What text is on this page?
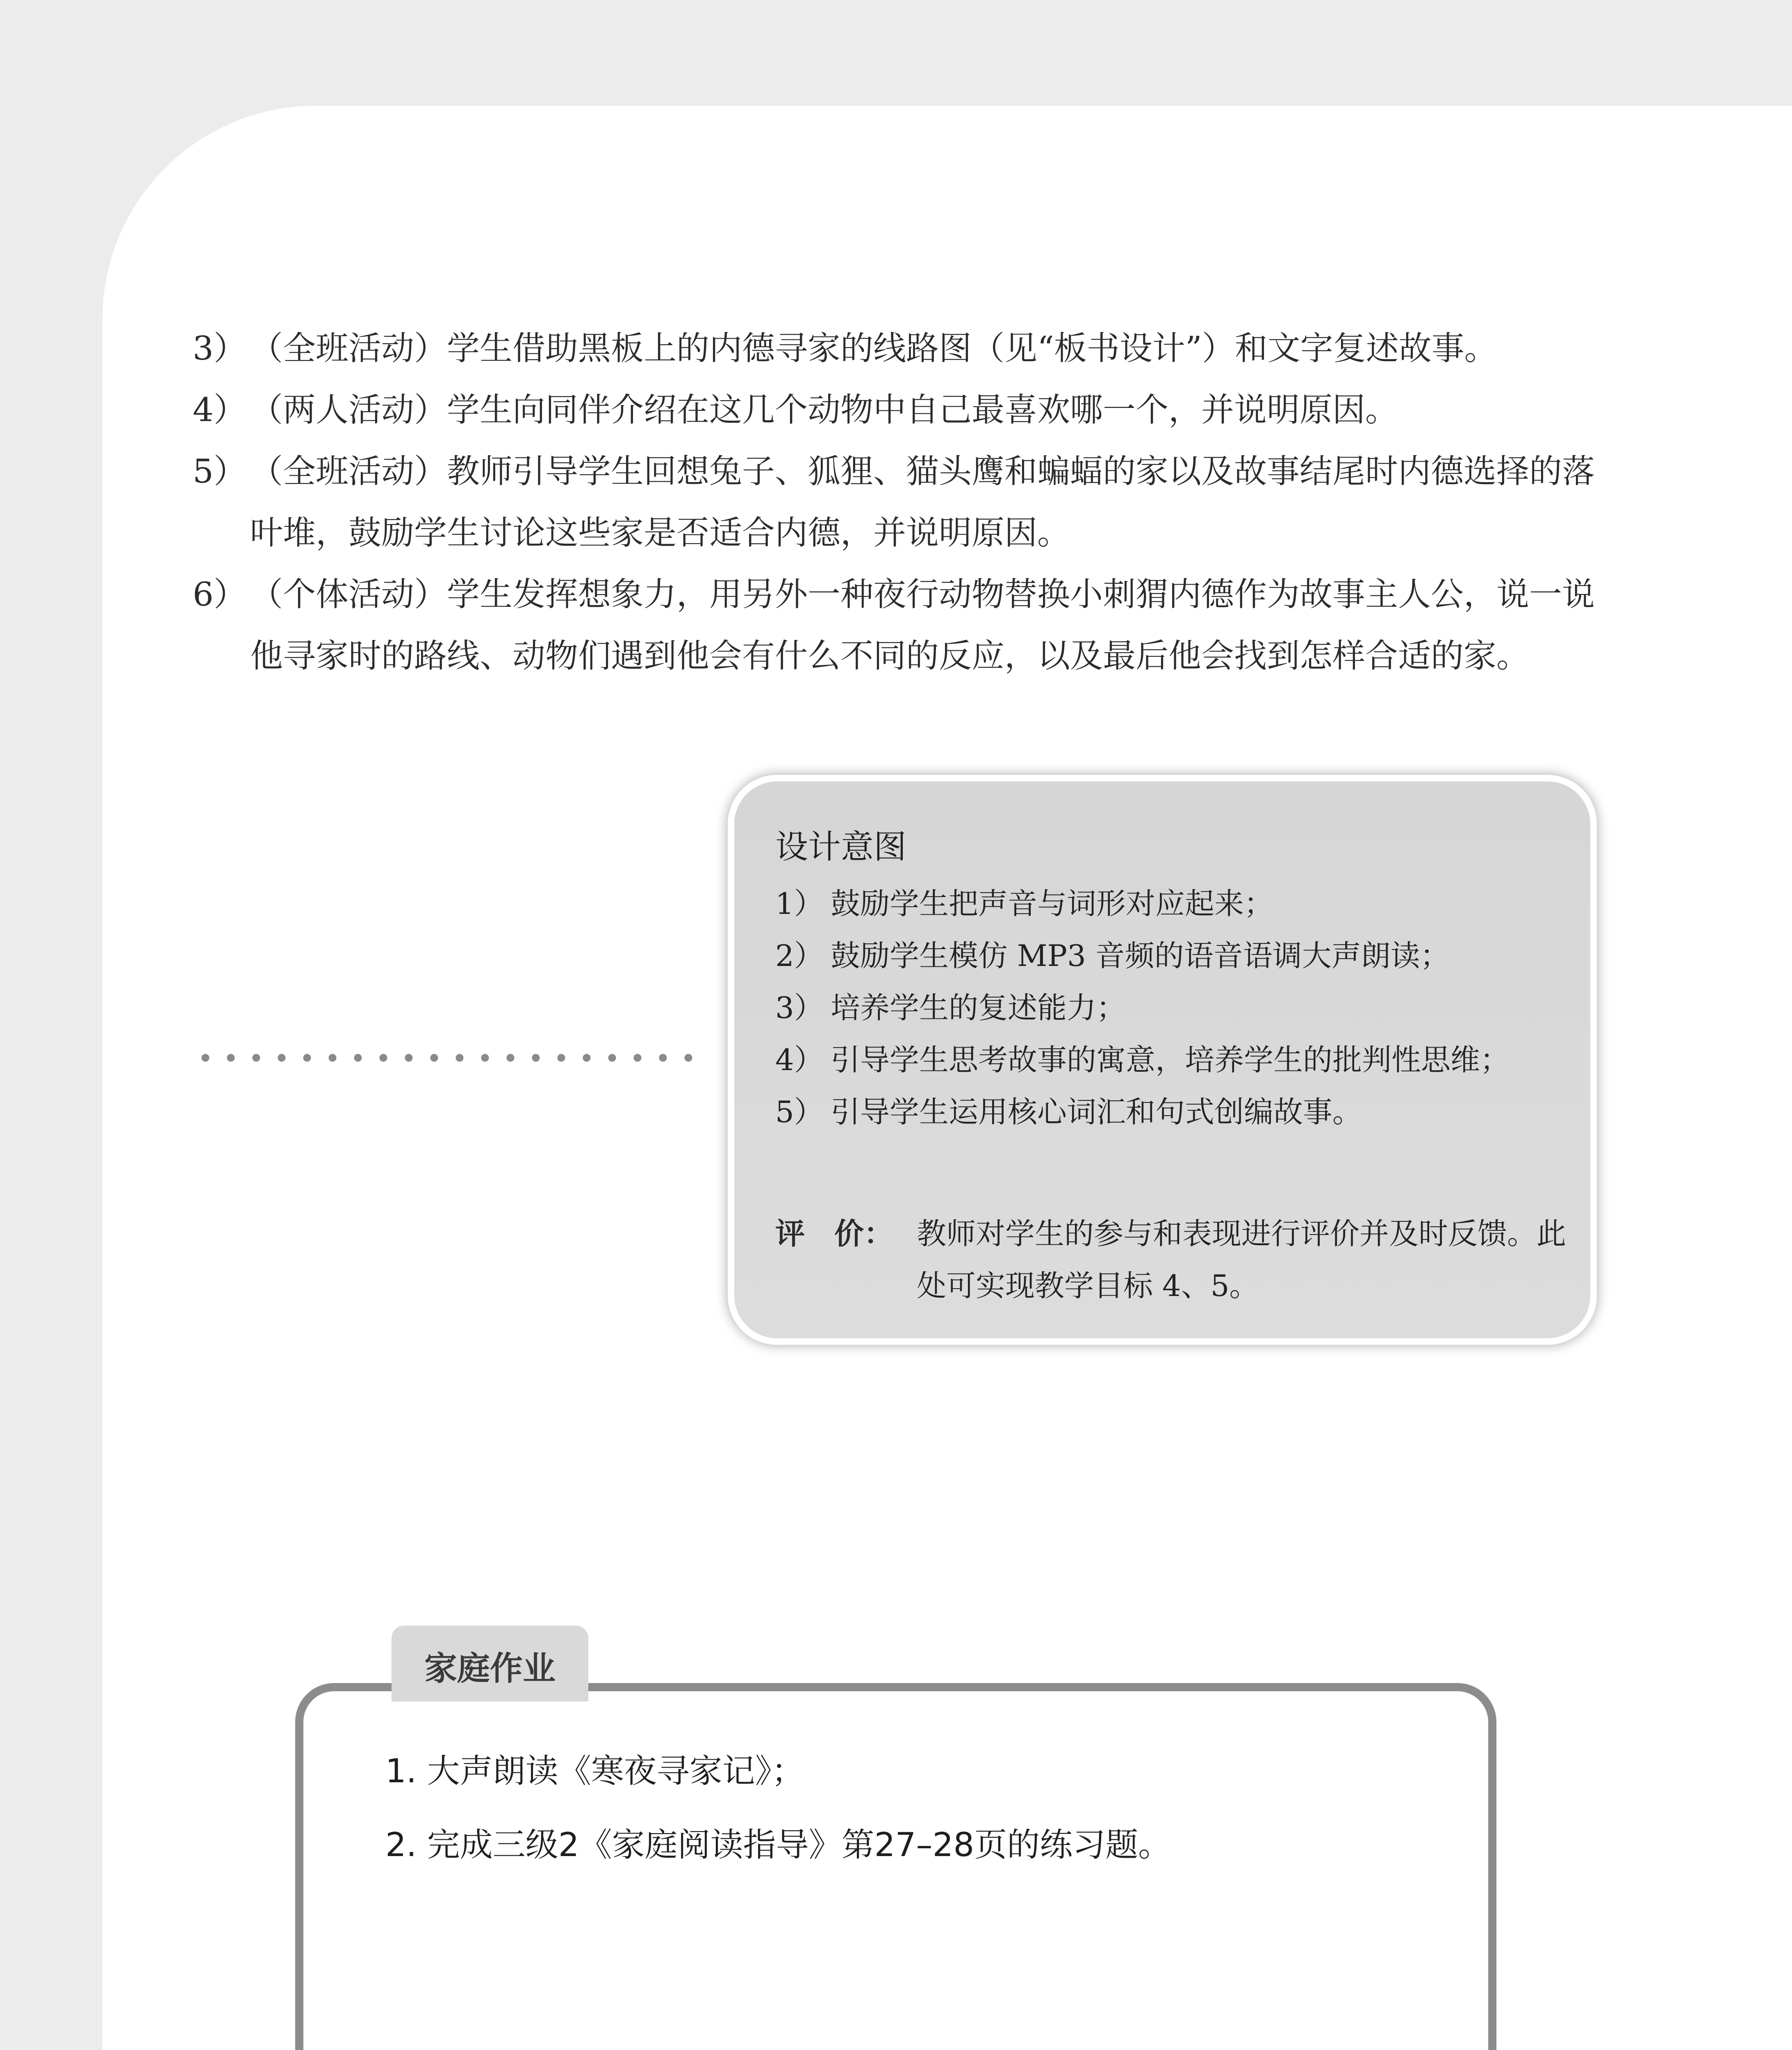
3） （全班活动）学生借助黑板上的内德寻家的线路图（见“板书设计”）和文字复述故事。
4） （两人活动）学生向同伴介绍在这几个动物中自己最喜欢哪一个，并说明原因。
5） （全班活动）教师引导学生回想兔子、狐狸、猫头鹰和蝙蝠的家以及故事结尾时内德选择的落叶堆，鼓励学生讨论这些家是否适合内德，并说明原因。
6） （个体活动）学生发挥想象力，用另外一种夜行动物替换小刺猬内德作为故事主人公，说一说他寻家时的路线、动物们遇到他会有什么不同的反应，以及最后他会找到怎样合适的家。
设计意图
1） 鼓励学生把声音与词形对应起来；
2） 鼓励学生模仿 MP3 音频的语音语调大声朗读；
3） 培养学生的复述能力；
4） 引导学生思考故事的寓意，培养学生的批判性思维；
5） 引导学生运用核心词汇和句式创编故事。
评　价： 教师对学生的参与和表现进行评价并及时反馈。此处可实现教学目标 4、5。
1. 大声朗读《寒夜寻家记》；
2. 完成三级2《家庭阅读指导》第27–28页的练习题。
家庭作业
